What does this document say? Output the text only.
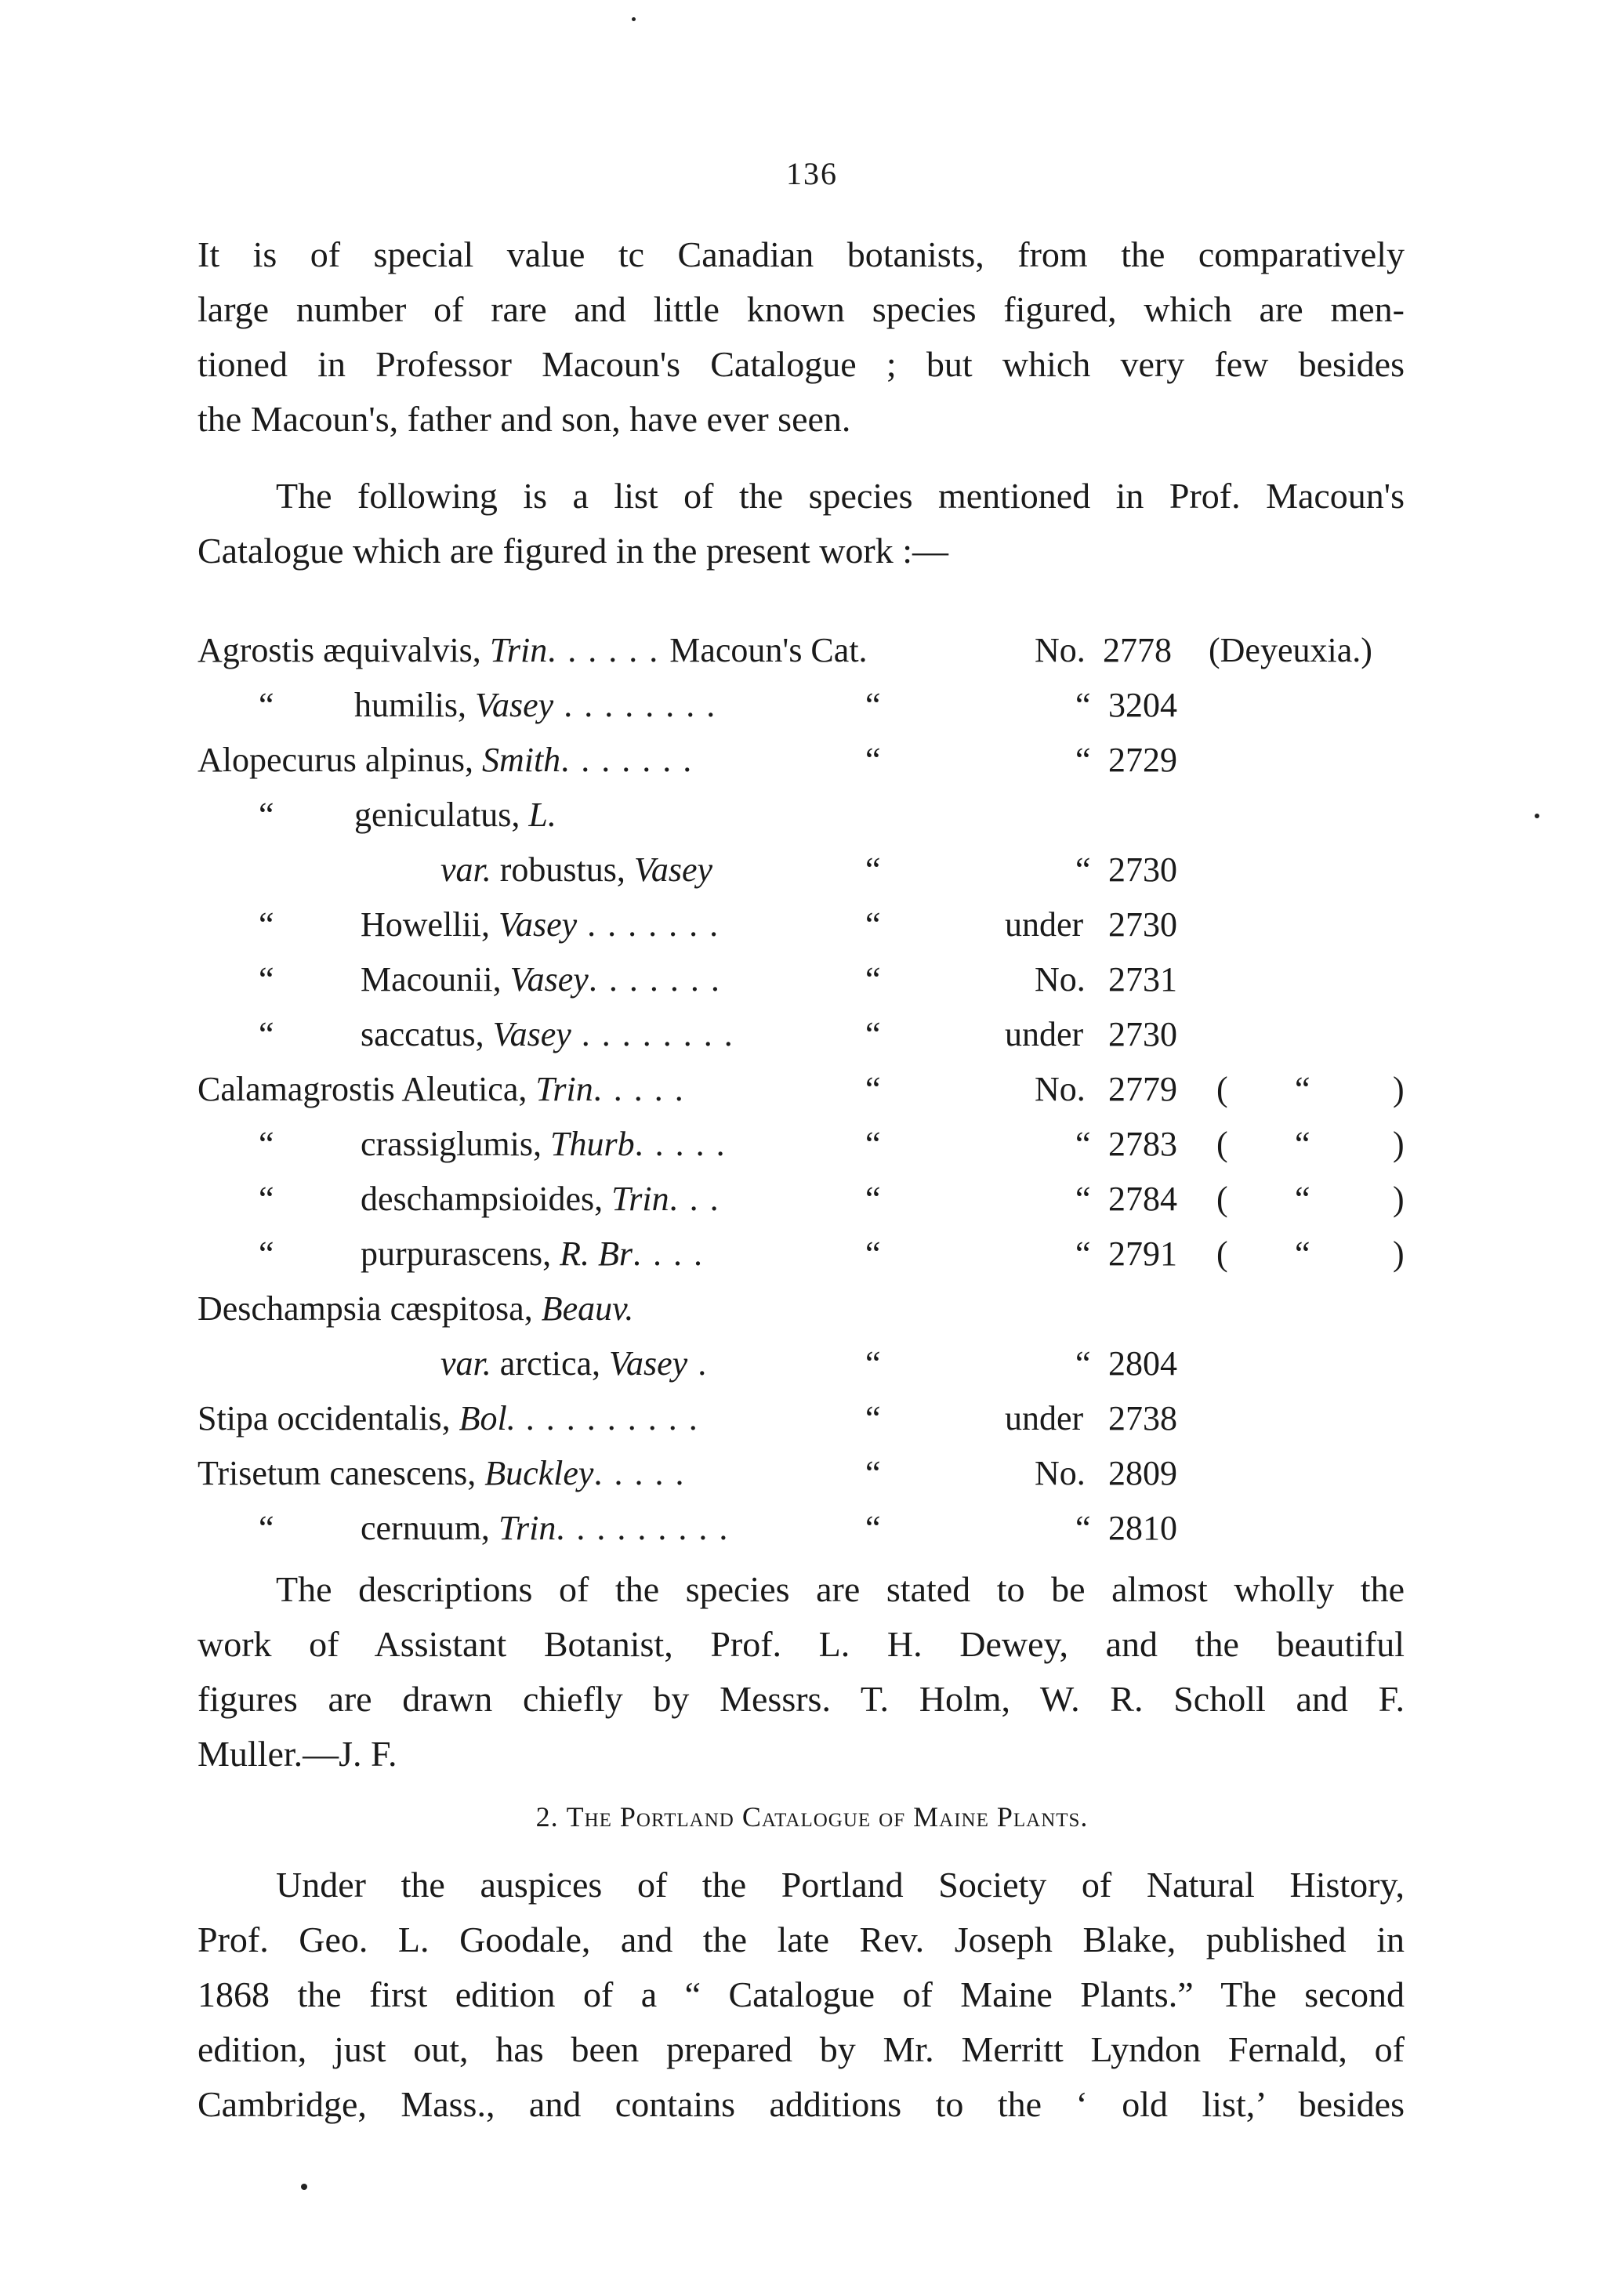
136
It is of special value tc Canadian botanists, from the comparatively
large number of rare and little known species figured, which are men-
tioned in Professor Macoun's Catalogue ; but which very few besides
the Macoun's, father and son, have ever seen.
The following is a list of the species mentioned in Prof. Macoun's
Catalogue which are figured in the present work :—
Agrostis æquivalvis, Trin. . . . . . Macoun's Cat.	No. 2778 (Deyeuxia.)
“ humilis, Vasey . . . . . . . .	“	“ 3204
Alopecurus alpinus, Smith. . . . . . .	“	“ 2729
“ geniculatus, L.
var. robustus, Vasey	“	“ 2730
“	Howellii, Vasey . . . . . . .	“	under 2730
“	Macounii, Vasey. . . . . . .	“	No. 2731
“	saccatus, Vasey . . . . . . . .	“	under 2730
Calamagrostis Aleutica, Trin. . . . .	“	No. 2779 ( “ )
“	crassiglumis, Thurb. . . . .	“	“ 2783 ( “ )
“	deschampsioides, Trin. . .	“	“ 2784 ( “ )
“	purpurascens, R. Br. . . .	“	“ 2791 ( “ )
Deschampsia cæspitosa, Beauv.
var. arctica, Vasey .	“	“ 2804
Stipa occidentalis, Bol. . . . . . . . . .	“	under 2738
Trisetum canescens, Buckley. . . . .	“	No. 2809
“	cernuum, Trin. . . . . . . . .	“	“ 2810
The descriptions of the species are stated to be almost wholly the
work of Assistant Botanist, Prof. L. H. Dewey, and the beautiful
figures are drawn chiefly by Messrs. T. Holm, W. R. Scholl and F.
Muller.—J. F.
2. The Portland Catalogue of Maine Plants.
Under the auspices of the Portland Society of Natural History,
Prof. Geo. L. Goodale, and the late Rev. Joseph Blake, published in
1868 the first edition of a “ Catalogue of Maine Plants.” The second
edition, just out, has been prepared by Mr. Merritt Lyndon Fernald, of
Cambridge, Mass., and contains additions to the ‘ old list,’ besides
